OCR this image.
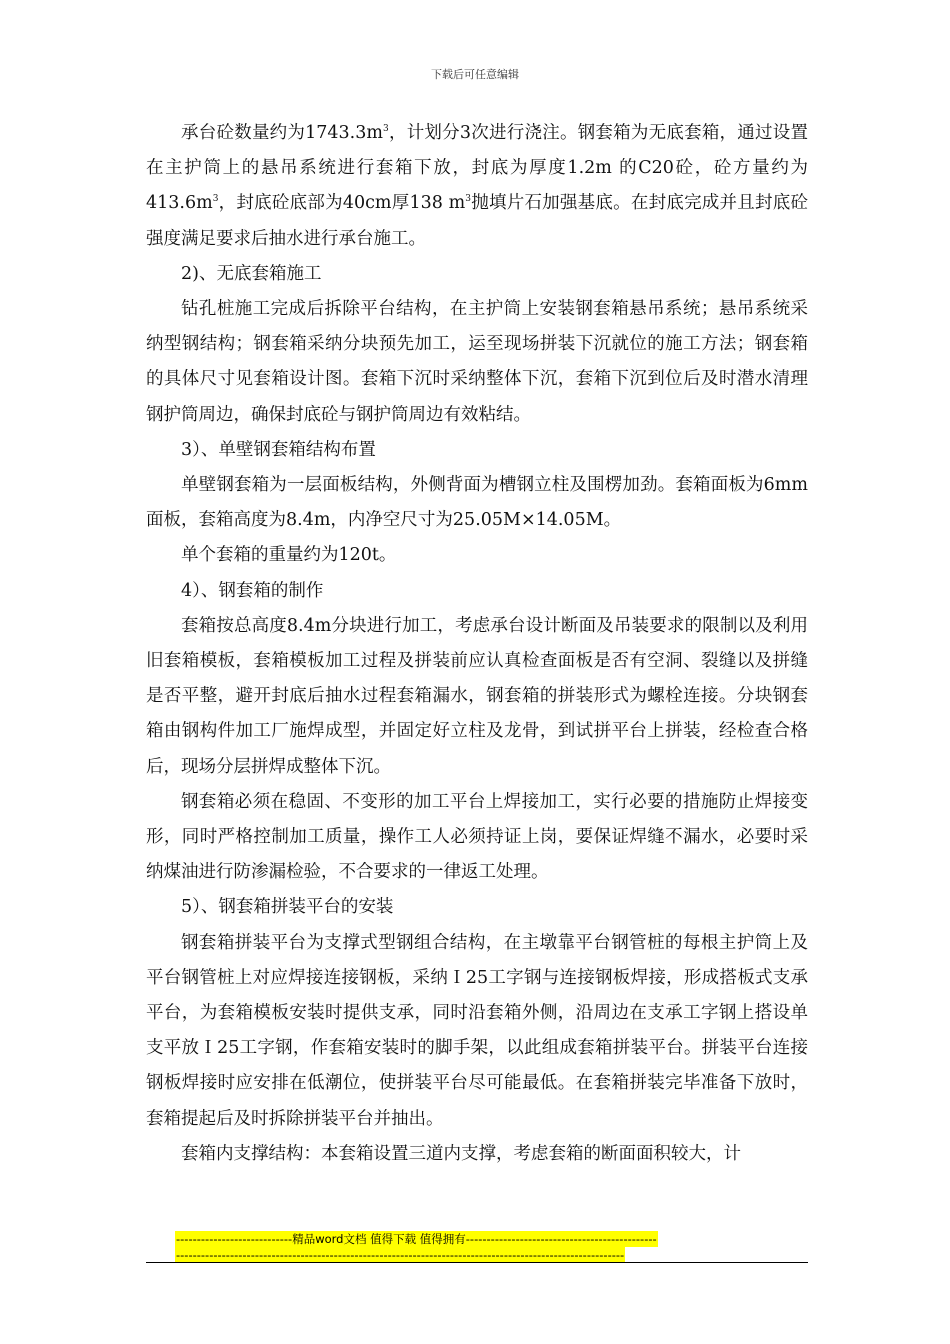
下载后可任意编辑

承台砼数量约为$1743.3m^3$，计划分3次进行浇注。钢套箱为无底套箱，通过设置在主护筒上的悬吊系统进行套箱下放，封底为厚度1.2m 的C20砼，砼方量约为$413.6m^3$，封底砼底部为40cm厚138 $m^3$抛填片石加强基底。在封底完成并且封底砼强度满足要求后抽水进行承台施工。

2)、无底套箱施工

钻孔桩施工完成后拆除平台结构，在主护筒上安装钢套箱悬吊系统；悬吊系统采纳型钢结构；钢套箱采纳分块预先加工，运至现场拼装下沉就位的施工方法；钢套箱的具体尺寸见套箱设计图。套箱下沉时采纳整体下沉，套箱下沉到位后及时潜水清理钢护筒周边，确保封底砼与钢护筒周边有效粘结。

3）、单壁钢套箱结构布置

单壁钢套箱为一层面板结构，外侧背面为槽钢立柱及围楞加劲。套箱面板为6mm面板，套箱高度为8.4m，内净空尺寸为25.05M×14.05M。

单个套箱的重量约为120t。

4）、钢套箱的制作

套箱按总高度8.4m分块进行加工，考虑承台设计断面及吊装要求的限制以及利用旧套箱模板，套箱模板加工过程及拼装前应认真检查面板是否有空洞、裂缝以及拼缝是否平整，避开封底后抽水过程套箱漏水，钢套箱的拼装形式为螺栓连接。分块钢套箱由钢构件加工厂施焊成型，并固定好立柱及龙骨，到试拼平台上拼装，经检查合格后，现场分层拼焊成整体下沉。

钢套箱必须在稳固、不变形的加工平台上焊接加工，实行必要的措施防止焊接变形，同时严格控制加工质量，操作工人必须持证上岗，要保证焊缝不漏水，必要时采纳煤油进行防渗漏检验，不合要求的一律返工处理。

5）、钢套箱拼装平台的安装

钢套箱拼装平台为支撑式型钢组合结构，在主墩靠平台钢管桩的每根主护筒上及平台钢管桩上对应焊接连接钢板，采纳Ｉ25工字钢与连接钢板焊接，形成搭板式支承平台，为套箱模板安装时提供支承，同时沿套箱外侧，沿周边在支承工字钢上搭设单支平放Ｉ25工字钢，作套箱安装时的脚手架，以此组成套箱拼装平台。拼装平台连接钢板焊接时应安排在低潮位，使拼装平台尽可能最低。在套箱拼装完毕准备下放时，套箱提起后及时拆除拼装平台并抽出。

套箱内支撑结构：本套箱设置三道内支撑，考虑套箱的断面面积较大，计

----------------------------精品word文档 值得下载 值得拥有----------------------------------------------
------------------------------------------------------------------------------------------------------------
